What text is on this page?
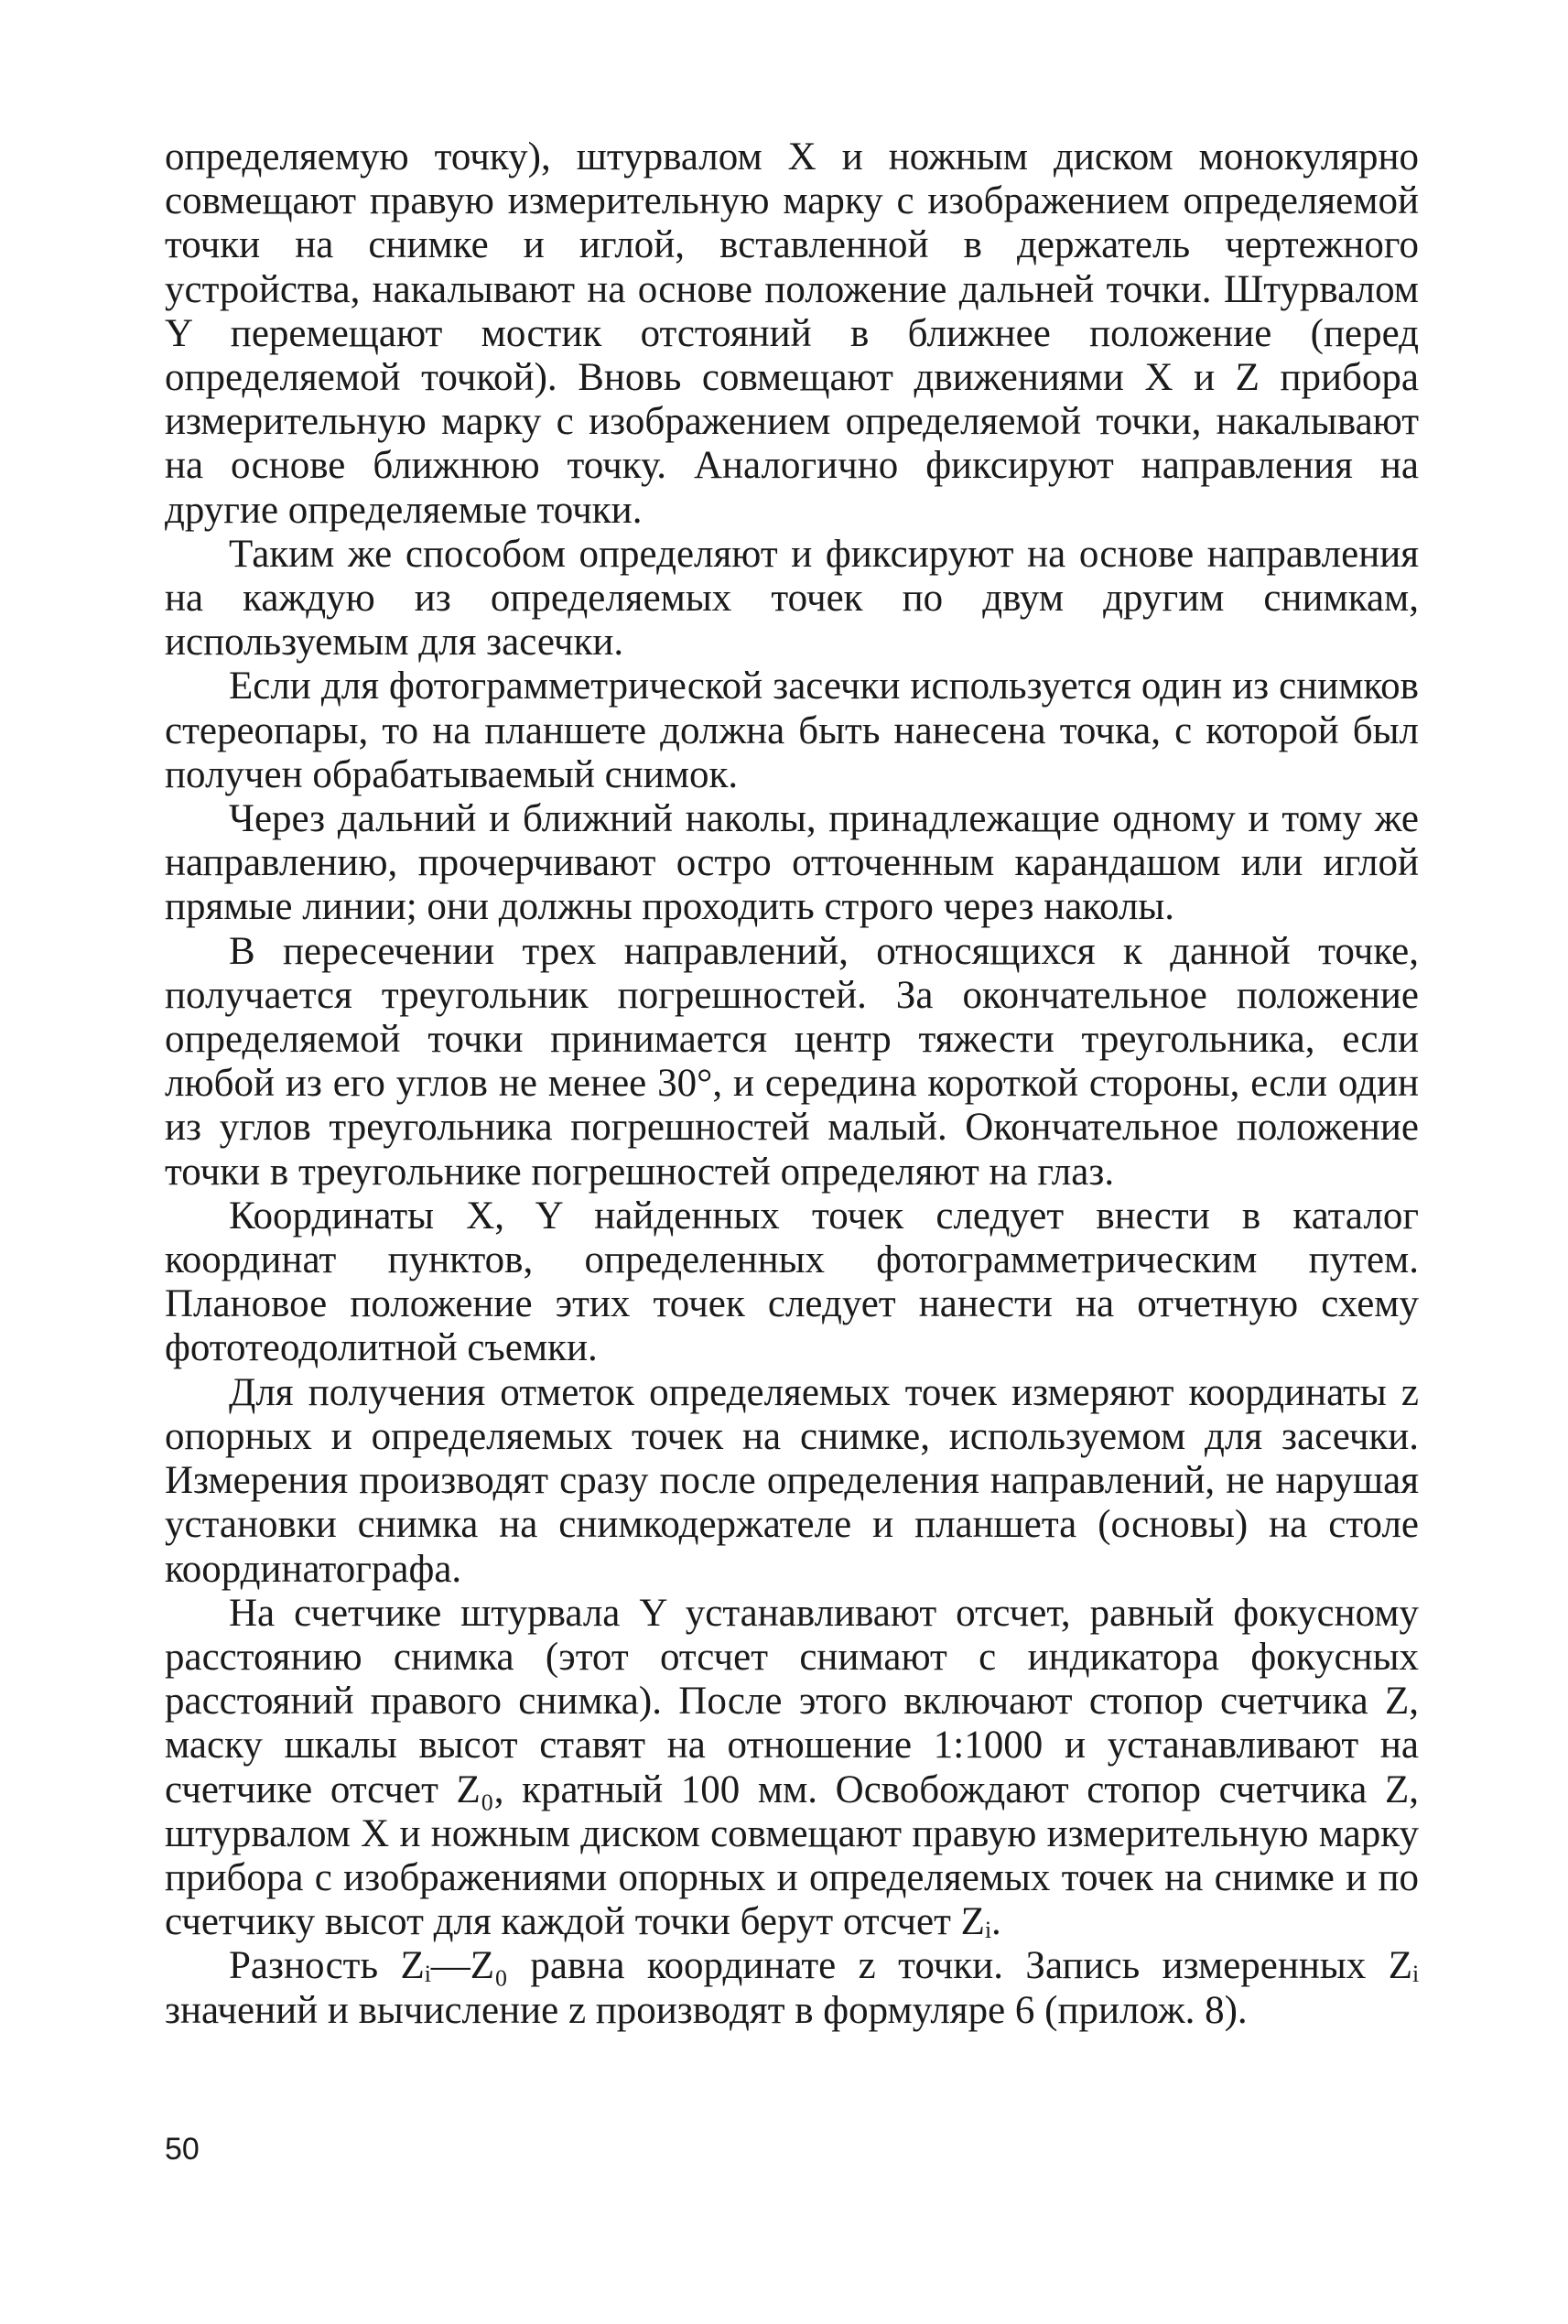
определяемую точку), штурвалом X и ножным диском монокулярно совмещают правую измерительную марку с изображением определяемой точки на снимке и иглой, вставленной в держатель чертежного устройства, накалывают на основе положение дальней точки. Штурвалом Y перемещают мостик отстояний в ближнее положение (перед определяемой точкой). Вновь совмещают движениями X и Z прибора измерительную марку с изображением определяемой точки, накалывают на основе ближнюю точку. Аналогично фиксируют направления на другие определяемые точки.

Таким же способом определяют и фиксируют на основе направления на каждую из определяемых точек по двум другим снимкам, используемым для засечки.

Если для фотограмметрической засечки используется один из снимков стереопары, то на планшете должна быть нанесена точка, с которой был получен обрабатываемый снимок.

Через дальний и ближний наколы, принадлежащие одному и тому же направлению, прочерчивают остро отточенным карандашом или иглой прямые линии; они должны проходить строго через наколы.

В пересечении трех направлений, относящихся к данной точке, получается треугольник погрешностей. За окончательное положение определяемой точки принимается центр тяжести треугольника, если любой из его углов не менее 30°, и середина короткой стороны, если один из углов треугольника погрешностей малый. Окончательное положение точки в треугольнике погрешностей определяют на глаз.

Координаты X, Y найденных точек следует внести в каталог координат пунктов, определенных фотограмметрическим путем. Плановое положение этих точек следует нанести на отчетную схему фототеодолитной съемки.

Для получения отметок определяемых точек измеряют координаты z опорных и определяемых точек на снимке, используемом для засечки. Измерения производят сразу после определения направлений, не нарушая установки снимка на снимкодержателе и планшета (основы) на столе координатографа.

На счетчике штурвала Y устанавливают отсчет, равный фокусному расстоянию снимка (этот отсчет снимают с индикатора фокусных расстояний правого снимка). После этого включают стопор счетчика Z, маску шкалы высот ставят на отношение 1:1000 и устанавливают на счетчике отсчет Z₀, кратный 100 мм. Освобождают стопор счетчика Z, штурвалом X и ножным диском совмещают правую измерительную марку прибора с изображениями опорных и определяемых точек на снимке и по счетчику высот для каждой точки берут отсчет Zᵢ.

Разность Zᵢ—Z₀ равна координате z точки. Запись измеренных Zᵢ значений и вычисление z производят в формуляре 6 (прилож. 8).

50
